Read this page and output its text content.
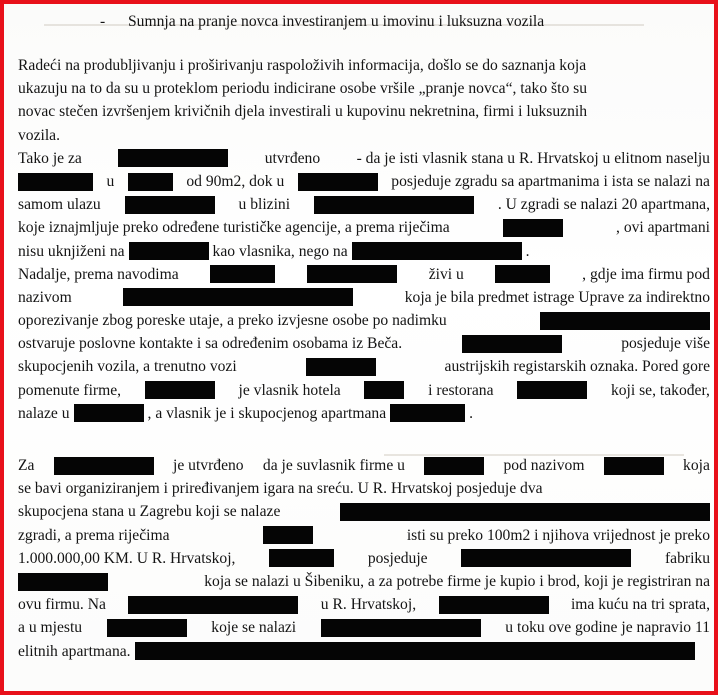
-	Sumnja na pranje novca investiranjem u imovinu i luksuzna vozila
Radeći na produbljivanju i proširivanju raspoloživih informacija, došlo se do saznanja koja
ukazuju na to da su u proteklom periodu indicirane osobe vršile „pranje novca“, tako što su
novac stečen izvršenjem krivičnih djela investirali u kupovinu nekretnina, firmi i luksuznih
vozila.
Tako je za	utvrđeno - da je isti vlasnik stana u R. Hrvatskoj u elitnom naselju
u	od 90m2, dok u	posjeduje zgradu sa apartmanima i ista se nalazi na
samom ulazu	u blizini	. U zgradi se nalazi 20 apartmana,
koje iznajmljuje preko određene turističke agencije, a prema riječima	, ovi apartmani
nisu uknjiženi na	kao vlasnika, nego na	.
Nadalje, prema navodima	živi u	, gdje ima firmu pod
nazivom	koja je bila predmet istrage Uprave za indirektno
oporezivanje zbog poreske utaje, a preko izvjesne osobe po nadimku
ostvaruje poslovne kontakte i sa određenim osobama iz Beča.	posjeduje više
skupocjenih vozila, a trenutno vozi	austrijskih registarskih oznaka. Pored gore
pomenute firme,	je vlasnik hotela	i restorana	koji se, također,
nalaze u	, a vlasnik je i skupocjenog apartmana	.
Za	je utvrđeno da je suvlasnik firme u	pod nazivom	koja
se bavi organiziranjem i priređivanjem igara na sreću. U R. Hrvatskoj posjeduje dva
skupocjena stana u Zagrebu koji se nalaze
zgradi, a prema riječima	isti su preko 100m2 i njihova vrijednost je preko
1.000.000,00 KM. U R. Hrvatskoj,	posjeduje	fabriku
koja se nalazi u Šibeniku, a za potrebe firme je kupio i brod, koji je registriran na
ovu firmu. Na	u R. Hrvatskoj,	ima kuću na tri sprata,
a u mjestu	koje se nalazi	u toku ove godine je napravio 11
elitnih apartmana.
